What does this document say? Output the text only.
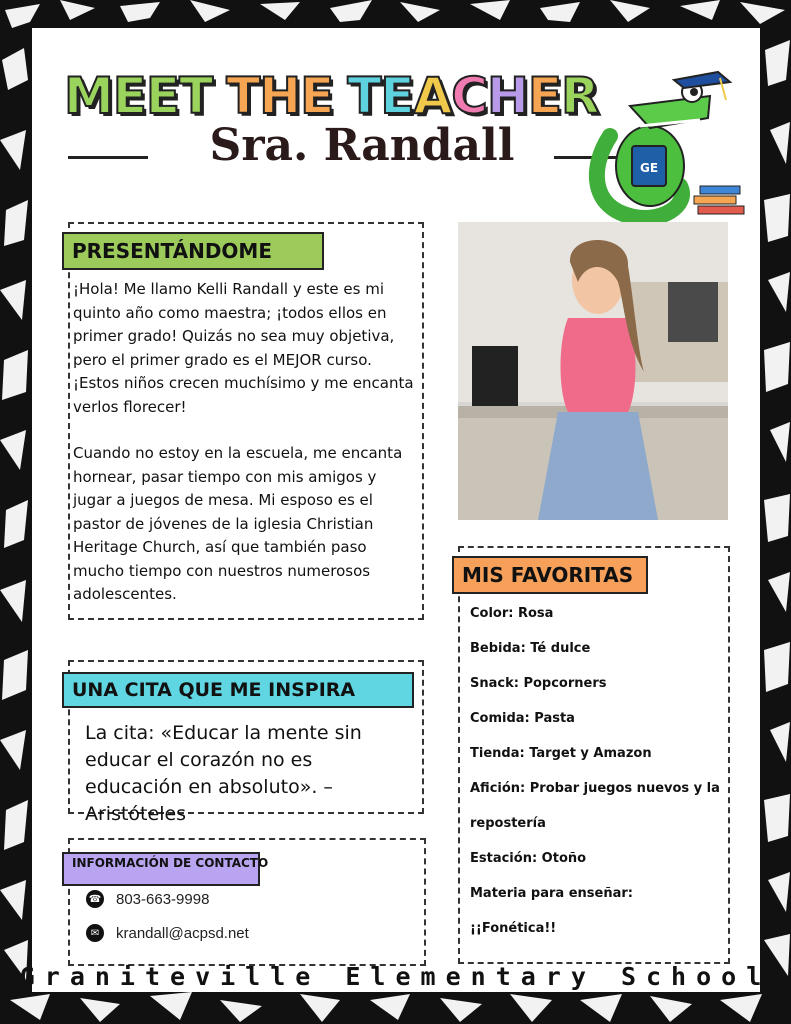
M E E T T H E T E A C H E R
Sra. Randall	GE

¡Hola! Me llamo Kelli Randall y este es mi quinto año como maestra; ¡todos ellos en primer grado! Quizás no sea muy objetiva, pero el primer grado es el MEJOR curso. ¡Estos niños crecen muchísimo y me encanta verlos florecer!

Cuando no estoy en la escuela, me encanta hornear, pasar tiempo con mis amigos y jugar a juegos de mesa. Mi esposo es el pastor de jóvenes de la iglesia Christian Heritage Church, así que también paso mucho tiempo con nuestros numerosos adolescentes.

PRESENTÁNDOME
Color: Rosa
Bebida: Té dulce
Snack: Popcorners
Comida: Pasta
Tienda: Target y Amazon
Afición: Probar juegos nuevos y la repostería
Estación: Otoño
Materia para enseñar: ¡¡Fonética!!
MIS FAVORITAS
La cita: «Educar la mente sin educar el corazón no es educación en absoluto». –Aristóteles
UNA CITA QUE ME INSPIRA
☎ 803-663-9998
✉	krandall@acpsd.net
INFORMACIÓN DE CONTACTO
Graniteville Elementary School
